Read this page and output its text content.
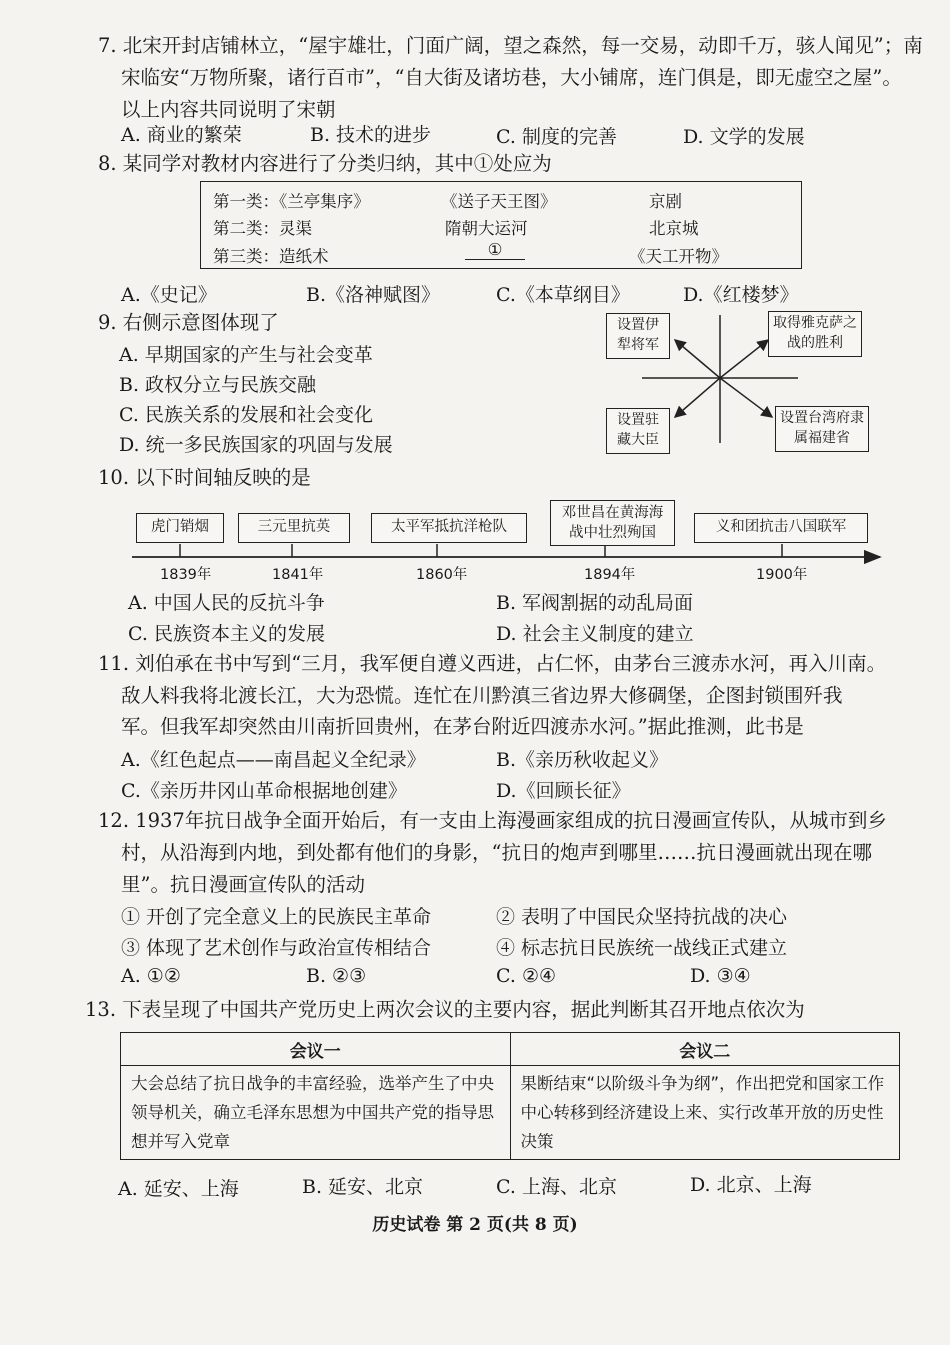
7. 北宋开封店铺林立，“屋宇雄壮，门面广阔，望之森然，每一交易，动即千万，骇人闻见”；南
宋临安“万物所聚，诸行百市”，“自大街及诸坊巷，大小铺席，连门俱是，即无虚空之屋”。
以上内容共同说明了宋朝
A. 商业的繁荣	B. 技术的进步	C. 制度的完善	D. 文学的发展
8. 某同学对教材内容进行了分类归纳，其中①处应为
第一类：《兰亭集序》	《送子天王图》	京剧
第二类：灵渠	隋朝大运河	北京城
第三类：造纸术	①	《天工开物》
A.《史记》	B.《洛神赋图》	C.《本草纲目》	D.《红楼梦》
9. 右侧示意图体现了
A. 早期国家的产生与社会变革
B. 政权分立与民族交融
C. 民族关系的发展和社会变化
D. 统一多民族国家的巩固与发展
设置伊犁将军
取得雅克萨之战的胜利
设置驻藏大臣
设置台湾府隶属福建省
10. 以下时间轴反映的是
虎门销烟	三元里抗英	太平军抵抗洋枪队
邓世昌在黄海海战中壮烈殉国	义和团抗击八国联军
1839年	1841年	1860年	1894年	1900年
A. 中国人民的反抗斗争	B. 军阀割据的动乱局面
C. 民族资本主义的发展	D. 社会主义制度的建立
11. 刘伯承在书中写到“三月，我军便自遵义西进，占仁怀，由茅台三渡赤水河，再入川南。
敌人料我将北渡长江，大为恐慌。连忙在川黔滇三省边界大修碉堡，企图封锁围歼我
军。但我军却突然由川南折回贵州，在茅台附近四渡赤水河。”据此推测，此书是
A.《红色起点——南昌起义全纪录》	B.《亲历秋收起义》
C.《亲历井冈山革命根据地创建》	D.《回顾长征》
12. 1937年抗日战争全面开始后，有一支由上海漫画家组成的抗日漫画宣传队，从城市到乡
村，从沿海到内地，到处都有他们的身影，“抗日的炮声到哪里……抗日漫画就出现在哪
里”。抗日漫画宣传队的活动
① 开创了完全意义上的民族民主革命	② 表明了中国民众坚持抗战的决心
③ 体现了艺术创作与政治宣传相结合	④ 标志抗日民族统一战线正式建立
A. ①②	B. ②③	C. ②④	D. ③④
13. 下表呈现了中国共产党历史上两次会议的主要内容，据此判断其召开地点依次为
会议一	会议二
大会总结了抗日战争的丰富经验，选举产生了中央领导机关，确立毛泽东思想为中国共产党的指导思想并写入党章	果断结束“以阶级斗争为纲”，作出把党和国家工作中心转移到经济建设上来、实行改革开放的历史性决策
A. 延安、上海	B. 延安、北京	C. 上海、北京	D. 北京、上海
历史试卷 第 2 页(共 8 页)
